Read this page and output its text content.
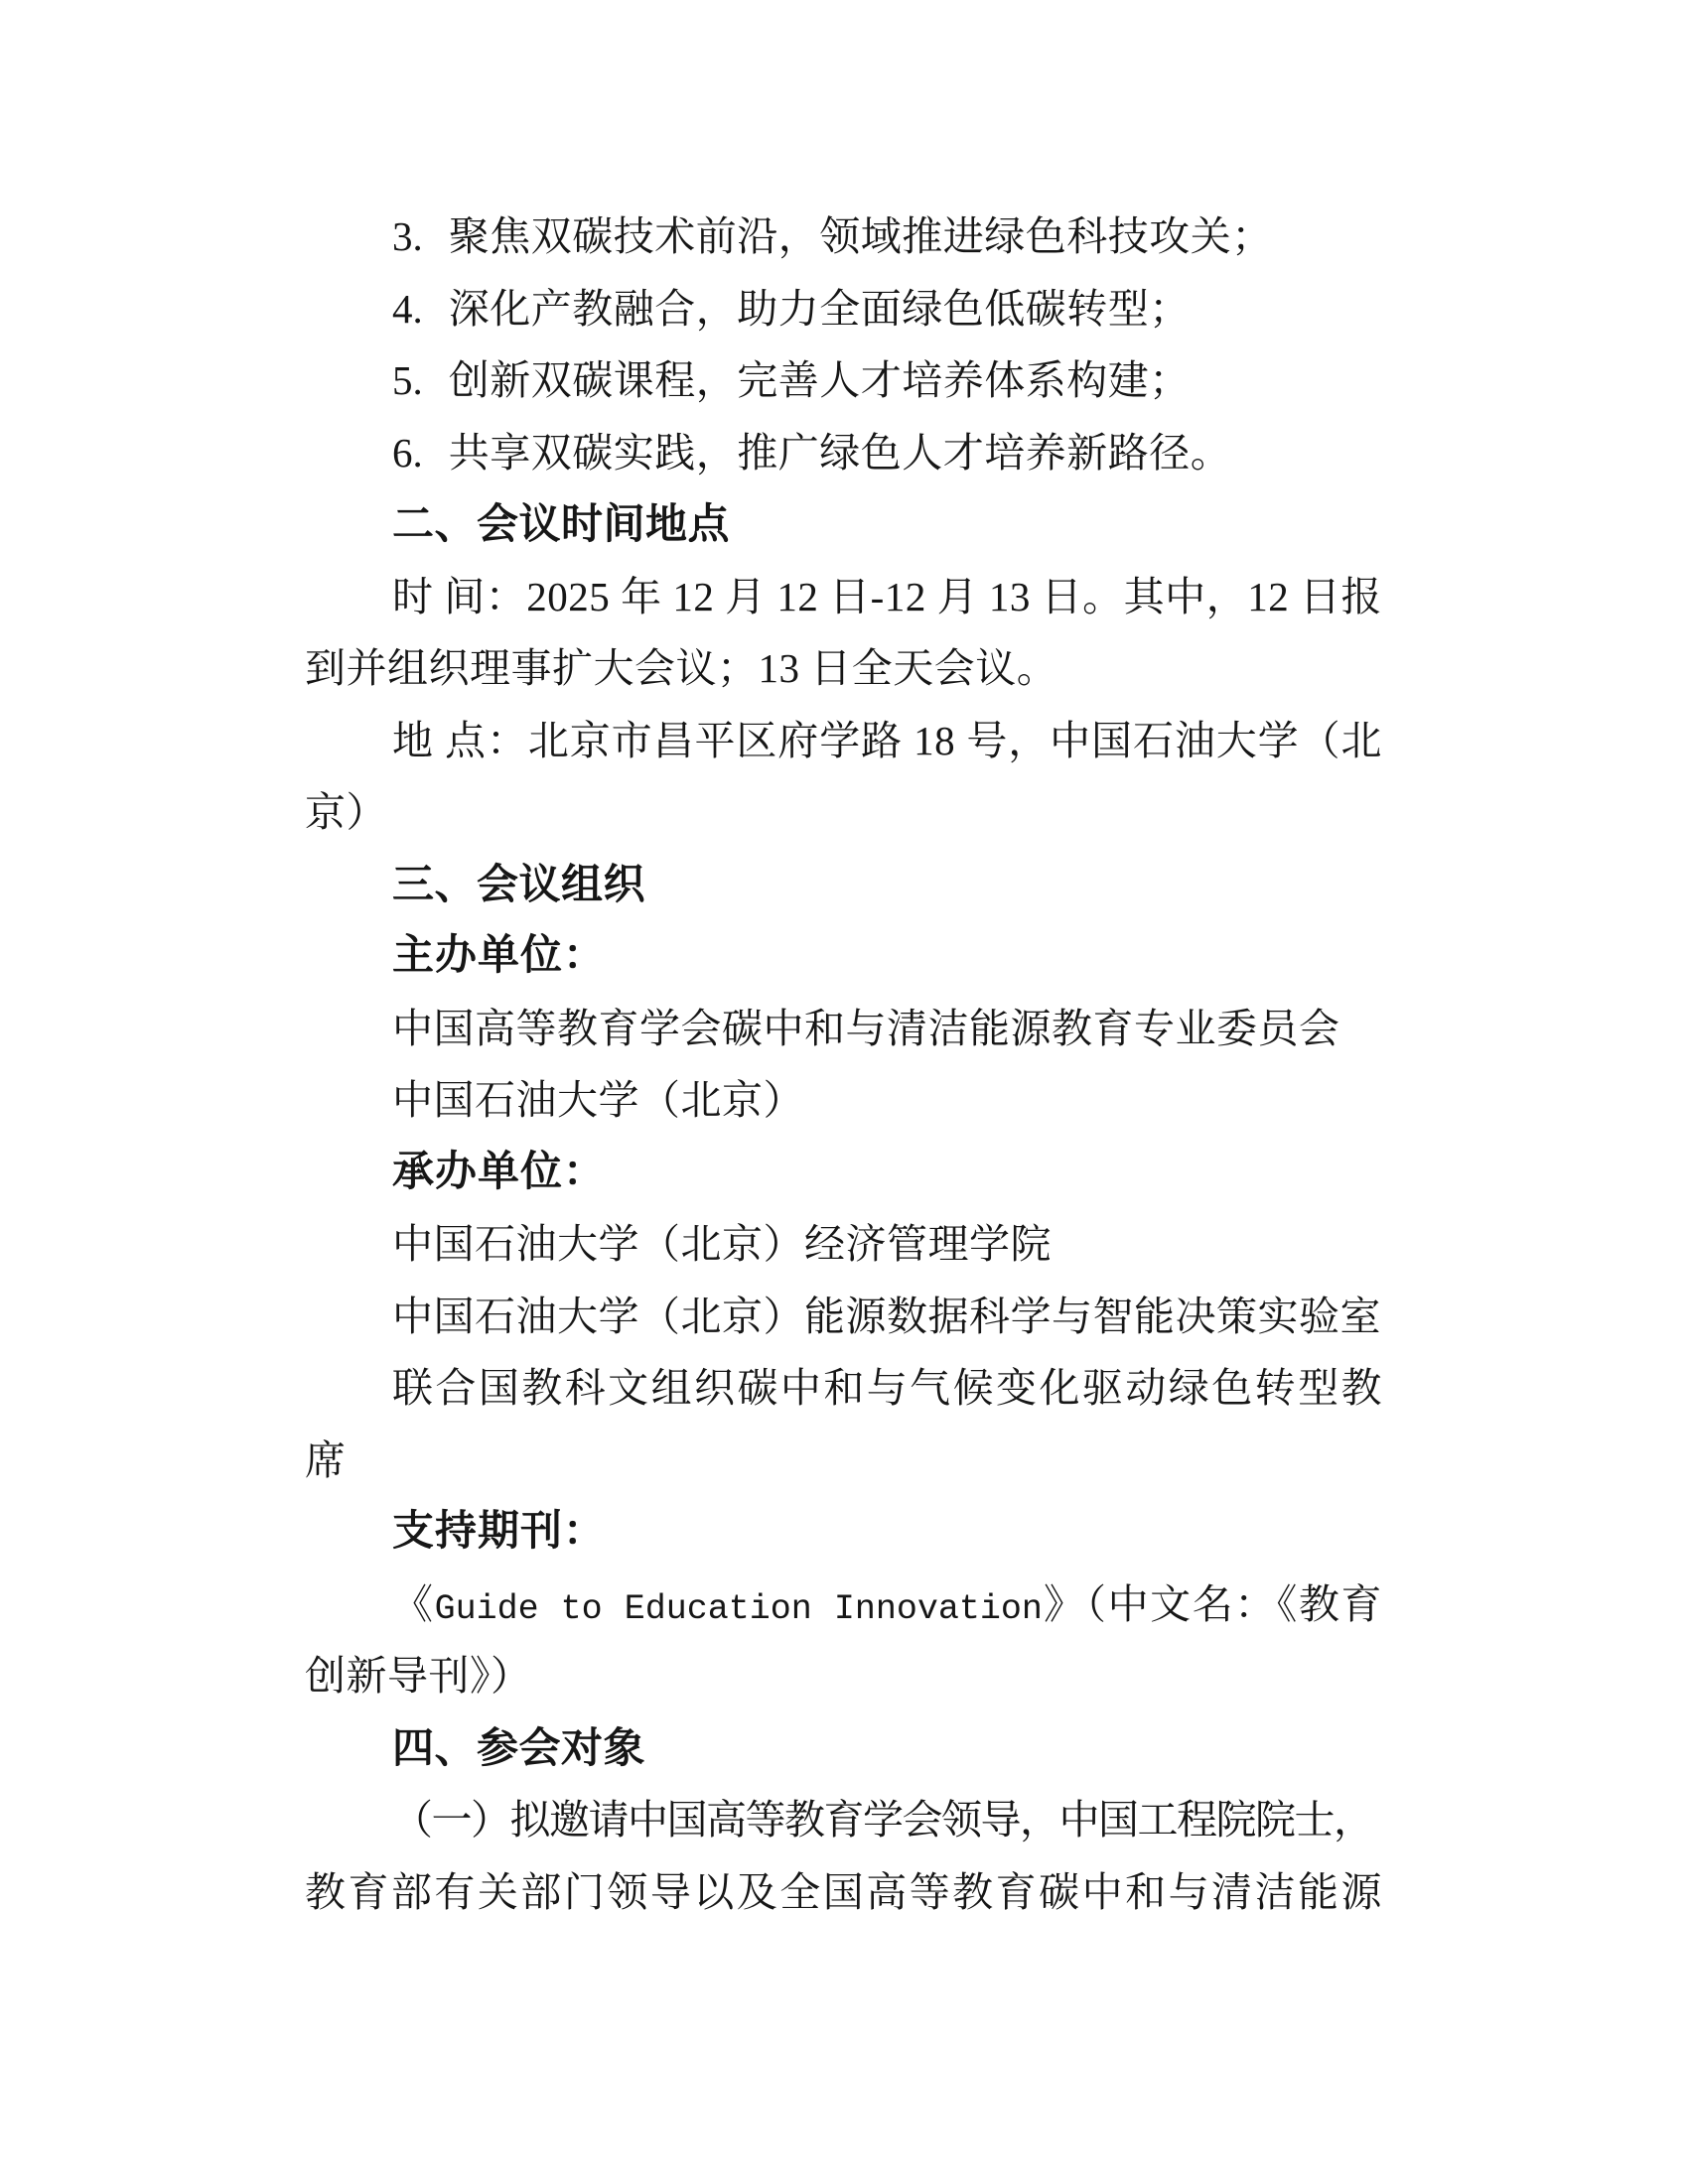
3. 聚焦双碳技术前沿，领域推进绿色科技攻关；
4. 深化产教融合，助力全面绿色低碳转型；
5. 创新双碳课程，完善人才培养体系构建；
6. 共享双碳实践，推广绿色人才培养新路径。
二、会议时间地点
时 间：2025 年 12 月 12 日-12 月 13 日。其中，12 日报
到并组织理事扩大会议；13 日全天会议。
地 点：北京市昌平区府学路 18 号，中国石油大学（北
京）
三、会议组织
主办单位：
中国高等教育学会碳中和与清洁能源教育专业委员会
中国石油大学（北京）
承办单位：
中国石油大学（北京）经济管理学院
中国石油大学（北京）能源数据科学与智能决策实验室
联合国教科文组织碳中和与气候变化驱动绿色转型教
席
支持期刊：
《Guide to Education Innovation》（中文名：《教育
创新导刊》）
四、参会对象
（一）拟邀请中国高等教育学会领导，中国工程院院士，
教育部有关部门领导以及全国高等教育碳中和与清洁能源
